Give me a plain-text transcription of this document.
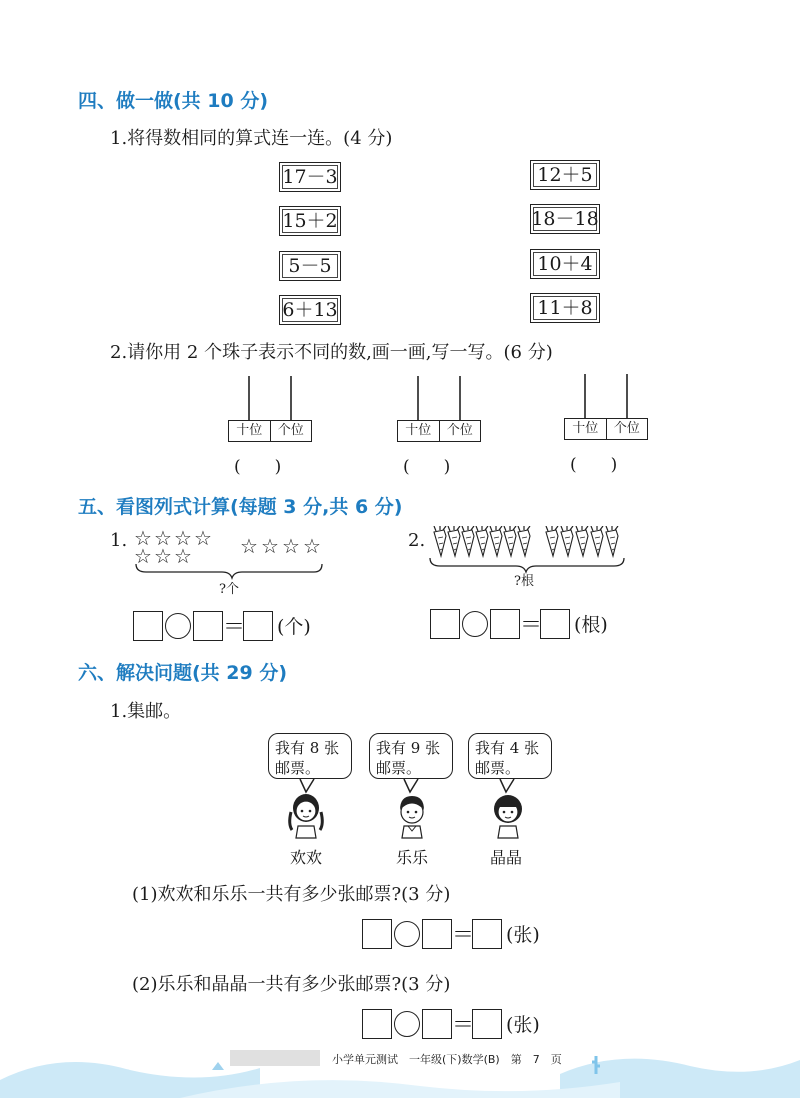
四、做一做(共 10 分)
1.将得数相同的算式连一连。(4 分)
17－3
15＋2
5－5
6＋13
12＋5
18－18
10＋4
11＋8
2.请你用 2 个珠子表示不同的数,画一画,写一写。(6 分)
十位	个位
(　　)
十位	个位
(　　)
十位	个位
(　　)
五、看图列式计算(每题 3 分,共 6 分)
1. ☆ ☆ ☆ ☆
☆ ☆ ☆ ☆ ☆ ☆ ☆
?个
＝ (个)
2.
?根
＝ (根)
六、解决问题(共 29 分)
1.集邮。
我有 8 张
邮票。
我有 9 张
邮票。
我有 4 张
邮票。
欢欢	乐乐	晶晶
(1)欢欢和乐乐一共有多少张邮票?(3 分)
＝ (张)
(2)乐乐和晶晶一共有多少张邮票?(3 分)
＝ (张)
小学单元测试　一年级(下)数学(B)　第　7　页
